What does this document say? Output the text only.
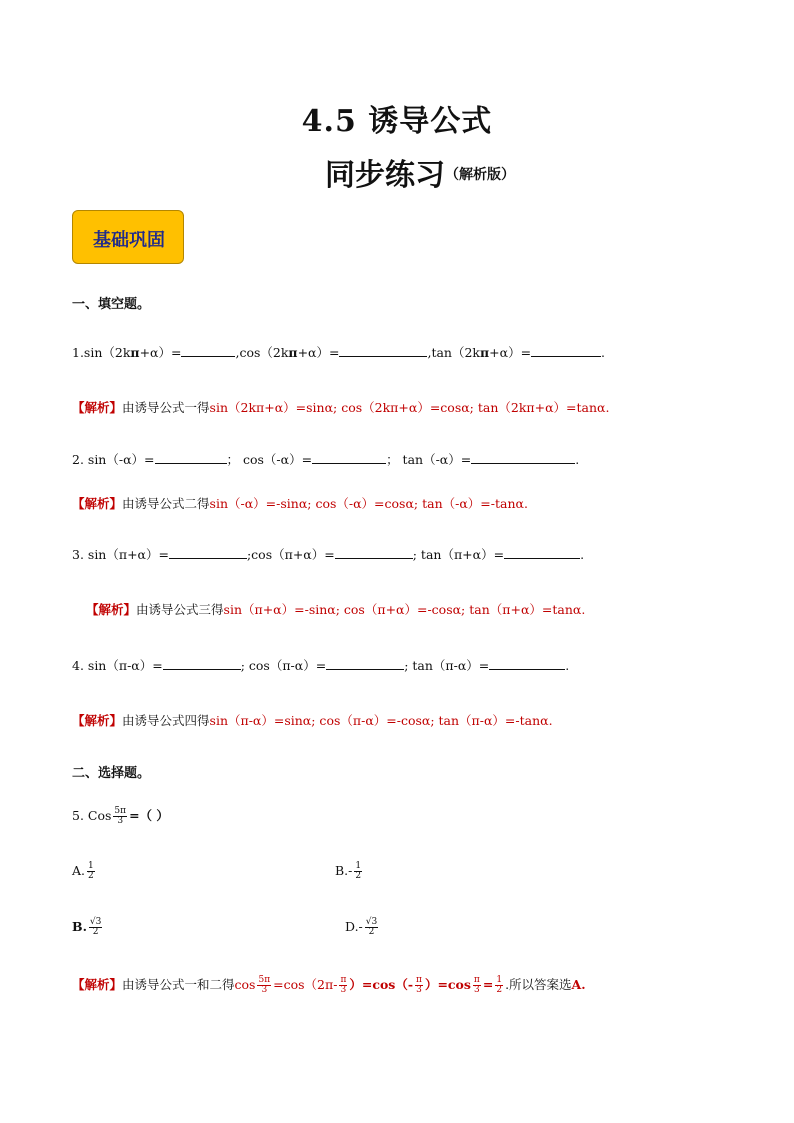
4.5 诱导公式
同步练习$^{(解析版)}$
基础巩固
一、填空题。
1.sin（2kπ+α）=	,cos（2kπ+α）=	,tan（2kπ+α）=	.
【解析】由诱导公式一得sin（2kπ+α）=sinα; cos（2kπ+α）=cosα; tan（2kπ+α）=tanα.
2. sin（-α）=	； cos（-α）=	； tan（-α）=	.
【解析】由诱导公式二得sin（-α）=-sinα; cos（-α）=cosα; tan（-α）=-tanα.
3. sin（π+α）=	;cos（π+α）=	; tan（π+α）=	.
【解析】由诱导公式三得sin（π+α）=-sinα; cos（π+α）=-cosα; tan（π+α）=tanα.
4. sin（π-α）=	; cos（π-α）=	; tan（π-α）=	.
【解析】由诱导公式四得sin（π-α）=sinα; cos（π-α）=-cosα; tan（π-α）=-tanα.
二、选择题。
5. Cos $\frac{5\pi}{3}$ =（ ）
A. $\frac{1}{2}$	$B.- \frac{1}{2}$
B. $\frac{√3}{2}$	$D.- \frac{√3}{2}$
【解析】由诱导公式一和二得$\cos \frac{5\pi}{3} =\cos(2\pi- \frac{\pi}{3} )=\cos(- \frac{\pi}{3} )=\cos \frac{\pi}{3} = \frac{1}{2}$ .所以答案选A.
